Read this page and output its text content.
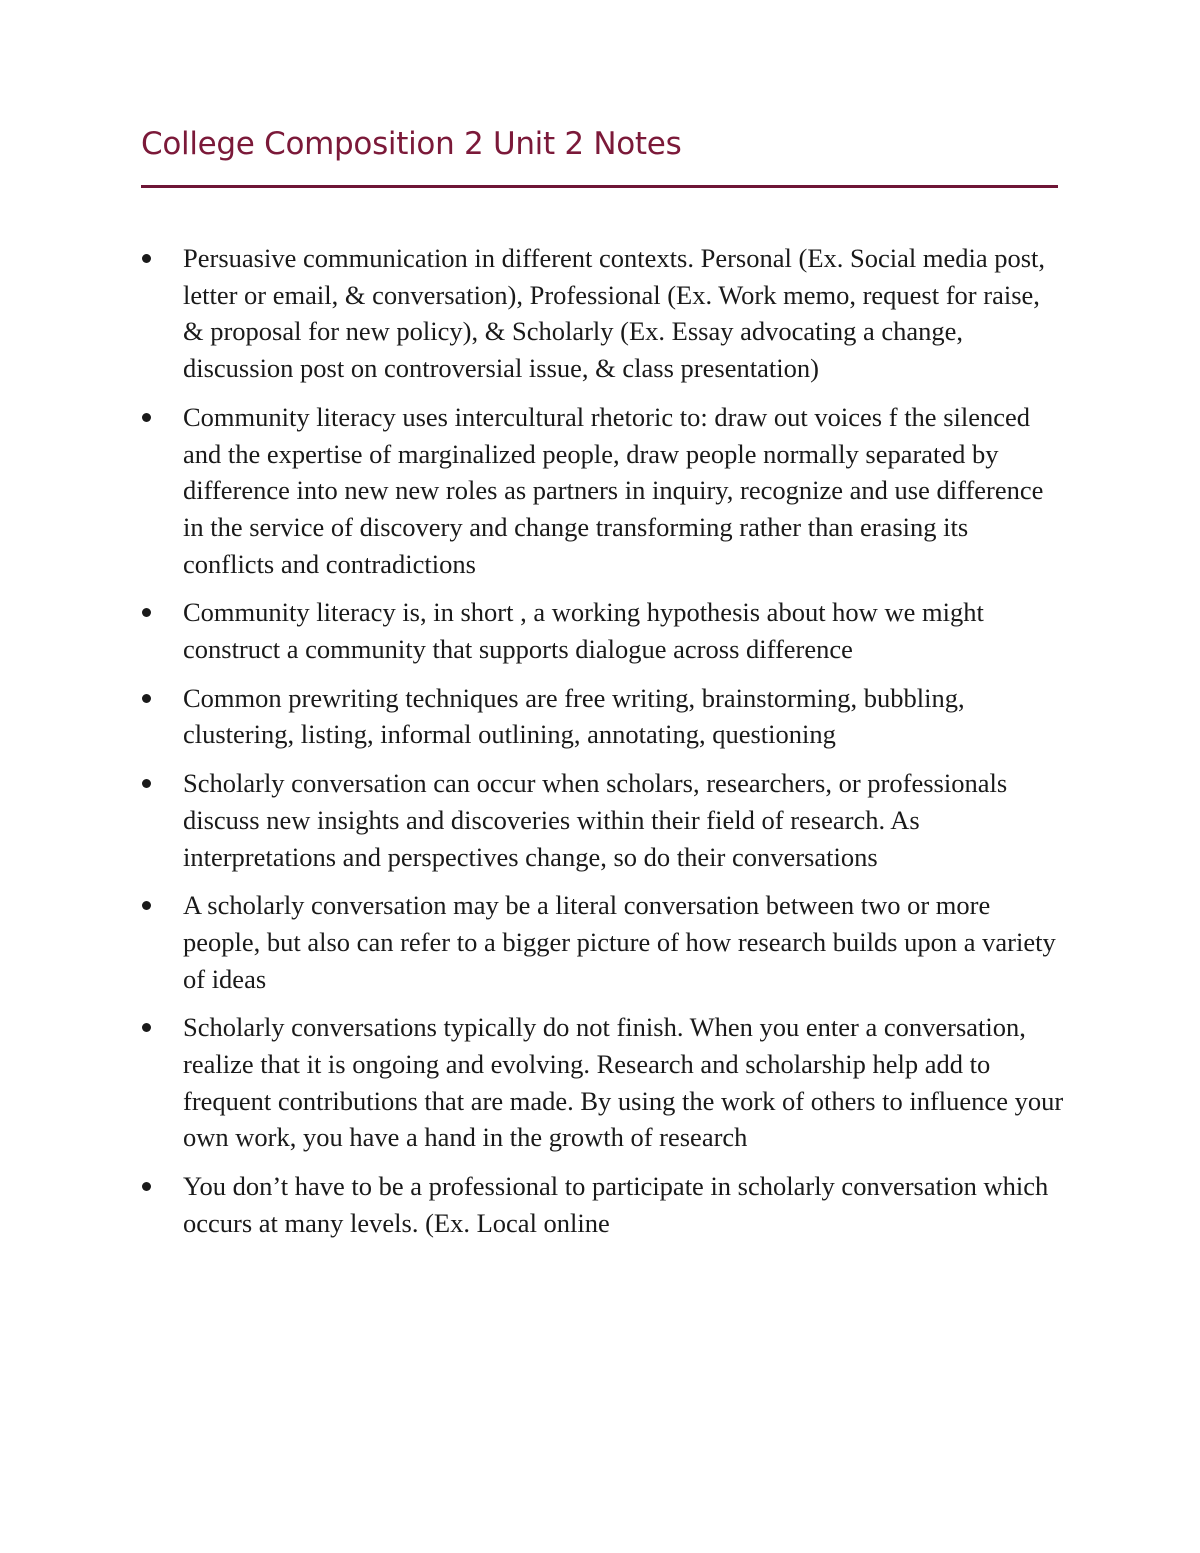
College Composition 2 Unit 2 Notes
Persuasive communication in different contexts. Personal (Ex. Social media post, letter or email, & conversation), Professional (Ex. Work memo, request for raise, & proposal for new policy), & Scholarly (Ex. Essay advocating a change, discussion post on controversial issue, & class presentation)
Community literacy uses intercultural rhetoric to: draw out voices f the silenced and the expertise of marginalized people, draw people normally separated by difference into new new roles as partners in inquiry, recognize and use difference in the service of discovery and change transforming rather than erasing its conflicts and contradictions
Community literacy is, in short , a working hypothesis about how we might construct a community that supports dialogue across difference
Common prewriting techniques are free writing, brainstorming, bubbling, clustering, listing, informal outlining, annotating, questioning
Scholarly conversation can occur when scholars, researchers, or professionals discuss new insights and discoveries within their field of research. As interpretations and perspectives change, so do their conversations
A scholarly conversation may be a literal conversation between two or more people, but also can refer to a bigger picture of how research builds upon a variety of ideas
Scholarly conversations typically do not finish. When you enter a conversation, realize that it is ongoing and evolving. Research and scholarship help add to frequent contributions that are made. By using the work of others to influence your own work, you have a hand in the growth of research
You don’t have to be a professional to participate in scholarly conversation which occurs at many levels. (Ex. Local online
